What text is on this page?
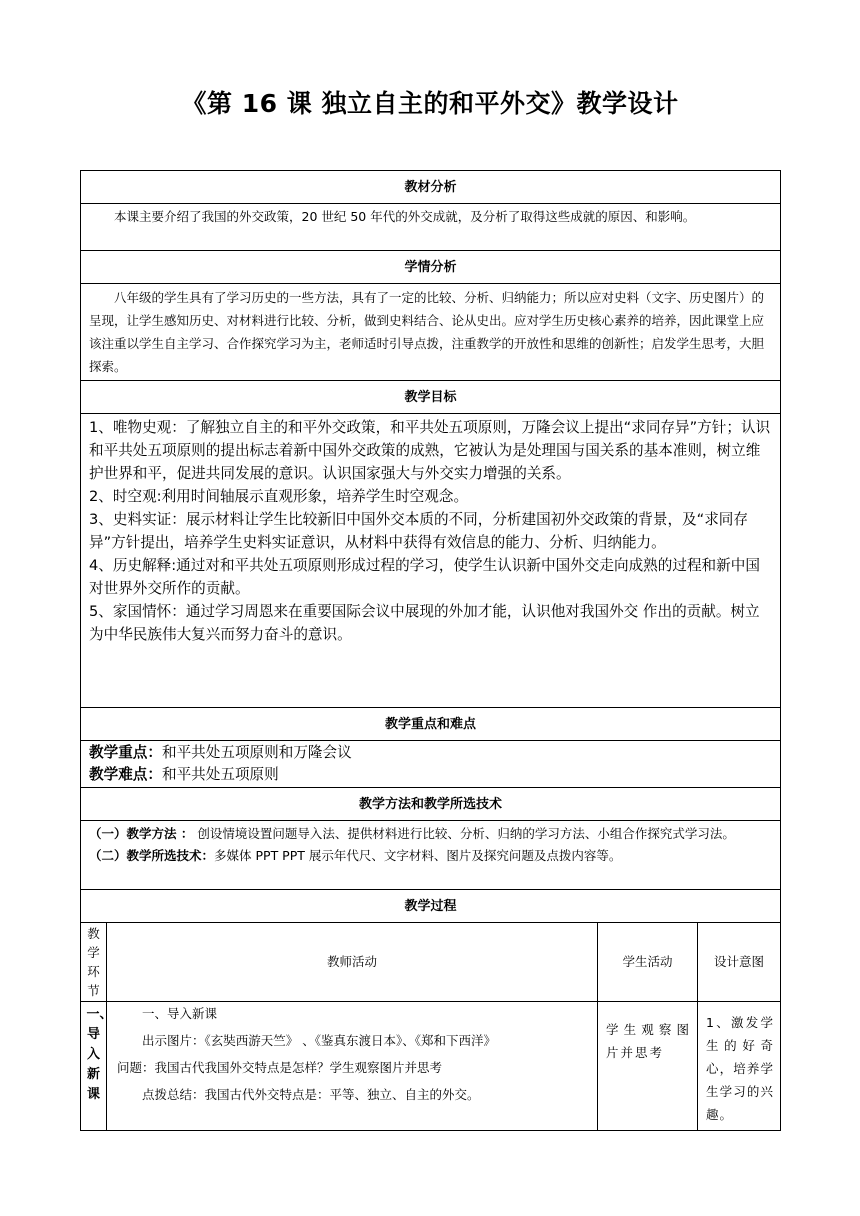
《第 16 课 独立自主的和平外交》教学设计
教材分析
本课主要介绍了我国的外交政策，20 世纪 50 年代的外交成就，及分析了取得这些成就的原因、和影响。
学情分析
八年级的学生具有了学习历史的一些方法，具有了一定的比较、分析、归纳能力；所以应对史料（文字、历史图片）的呈现，让学生感知历史、对材料进行比较、分析，做到史料结合、论从史出。应对学生历史核心素养的培养，因此课堂上应该注重以学生自主学习、合作探究学习为主，老师适时引导点拨，注重教学的开放性和思维的创新性；启发学生思考，大胆探索。
教学目标
1、唯物史观：了解独立自主的和平外交政策，和平共处五项原则，万隆会议上提出“求同存异”方针；认识和平共处五项原则的提出标志着新中国外交政策的成熟，它被认为是处理国与国关系的基本准则，树立维护世界和平，促进共同发展的意识。认识国家强大与外交实力增强的关系。
2、时空观:利用时间轴展示直观形象，培养学生时空观念。
3、史料实证：展示材料让学生比较新旧中国外交本质的不同，分析建国初外交政策的背景，及“求同存异”方针提出，培养学生史料实证意识，从材料中获得有效信息的能力、分析、归纳能力。
4、历史解释:通过对和平共处五项原则形成过程的学习，使学生认识新中国外交走向成熟的过程和新中国对世界外交所作的贡献。
5、家国情怀：通过学习周恩来在重要国际会议中展现的外加才能，认识他对我国外交 作出的贡献。树立为中华民族伟大复兴而努力奋斗的意识。
教学重点和难点
教学重点：和平共处五项原则和万隆会议
教学难点：和平共处五项原则
教学方法和教学所选技术
（一）教学方法 ： 创设情境设置问题导入法、提供材料进行比较、分析、归纳的学习方法、小组合作探究式学习法。
（二）教学所选技术：多媒体 PPT PPT 展示年代尺、文字材料、图片及探究问题及点拨内容等。
教学过程
教学环节
教师活动	学生活动	设计意图
一、导入新课
一、导入新课
出示图片：《玄奘西游天竺》 、《鉴真东渡日本》、《郑和下西洋》
问题：我国古代我国外交特点是怎样？学生观察图片并思考
点拨总结：我国古代外交特点是：平等、独立、自主的外交。
学生观察图片并思考
1、激发学生的好奇心，培养学生学习的兴趣。
